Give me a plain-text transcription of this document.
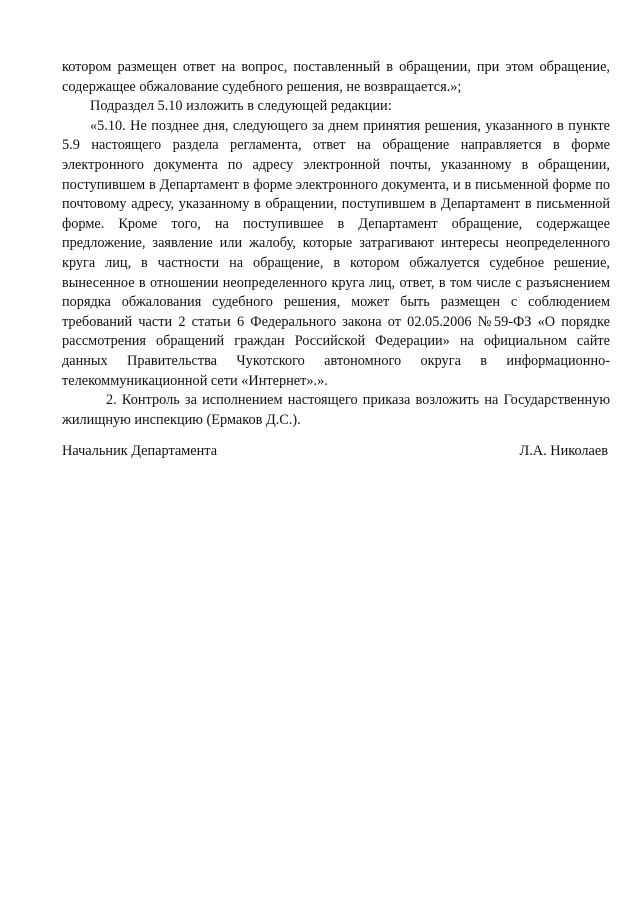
котором размещен ответ на вопрос, поставленный в обращении, при этом обращение, содержащее обжалование судебного решения, не возвращается.»;

Подраздел 5.10 изложить в следующей редакции:

«5.10. Не позднее дня, следующего за днем принятия решения, указанного в пункте 5.9 настоящего раздела регламента, ответ на обращение направляется в форме электронного документа по адресу электронной почты, указанному в обращении, поступившем в Департамент в форме электронного документа, и в письменной форме по почтовому адресу, указанному в обращении, поступившем в Департамент в письменной форме. Кроме того, на поступившее в Департамент обращение, содержащее предложение, заявление или жалобу, которые затрагивают интересы неопределенного круга лиц, в частности на обращение, в котором обжалуется судебное решение, вынесенное в отношении неопределенного круга лиц, ответ, в том числе с разъяснением порядка обжалования судебного решения, может быть размещен с соблюдением требований части 2 статьи 6 Федерального закона от 02.05.2006 №59-ФЗ «О порядке рассмотрения обращений граждан Российской Федерации» на официальном сайте данных Правительства Чукотского автономного округа в информационно-телекоммуникационной сети «Интернет».».

2. Контроль за исполнением настоящего приказа возложить на Государственную жилищную инспекцию (Ермаков Д.С.).

Начальник Департамента	Л.А. Николаев
